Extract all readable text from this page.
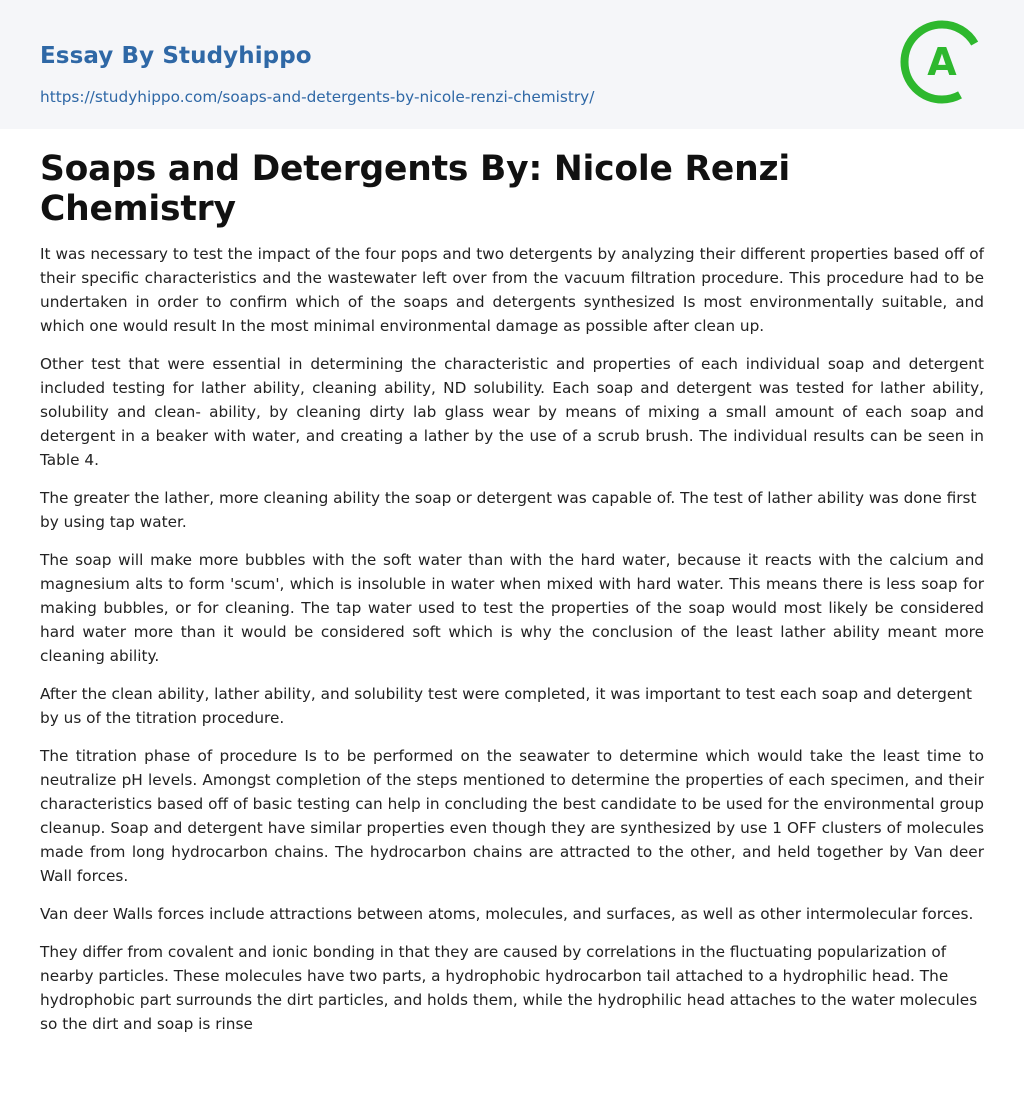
Essay By Studyhippo
https://studyhippo.com/soaps-and-detergents-by-nicole-renzi-chemistry/
A
Soaps and Detergents By: Nicole Renzi Chemistry

It was necessary to test the impact of the four pops and two detergents by analyzing their different properties based off of their specific characteristics and the wastewater left over from the vacuum filtration procedure. This procedure had to be undertaken in order to confirm which of the soaps and detergents synthesized Is most environmentally suitable, and which one would result In the most minimal environmental damage as possible after clean up.

Other test that were essential in determining the characteristic and properties of each individual soap and detergent included testing for lather ability, cleaning ability, ND solubility. Each soap and detergent was tested for lather ability, solubility and clean- ability, by cleaning dirty lab glass wear by means of mixing a small amount of each soap and detergent in a beaker with water, and creating a lather by the use of a scrub brush. The individual results can be seen in Table 4.

The greater the lather, more cleaning ability the soap or detergent was capable of. The test of lather ability was done first by using tap water.

The soap will make more bubbles with the soft water than with the hard water, because it reacts with the calcium and magnesium alts to form 'scum', which is insoluble in water when mixed with hard water. This means there is less soap for making bubbles, or for cleaning. The tap water used to test the properties of the soap would most likely be considered hard water more than it would be considered soft which is why the conclusion of the least lather ability meant more cleaning ability.

After the clean ability, lather ability, and solubility test were completed, it was important to test each soap and detergent by us of the titration procedure.

The titration phase of procedure Is to be performed on the seawater to determine which would take the least time to neutralize pH levels. Amongst completion of the steps mentioned to determine the properties of each specimen, and their characteristics based off of basic testing can help in concluding the best candidate to be used for the environmental group cleanup. Soap and detergent have similar properties even though they are synthesized by use 1 OFF clusters of molecules made from long hydrocarbon chains. The hydrocarbon chains are attracted to the other, and held together by Van deer Wall forces.

Van deer Walls forces include attractions between atoms, molecules, and surfaces, as well as other intermolecular forces.

They differ from covalent and ionic bonding in that they are caused by correlations in the fluctuating popularization of nearby particles. These molecules have two parts, a hydrophobic hydrocarbon tail attached to a hydrophilic head. The hydrophobic part surrounds the dirt particles, and holds them, while the hydrophilic head attaches to the water molecules so the dirt and soap is rinse
